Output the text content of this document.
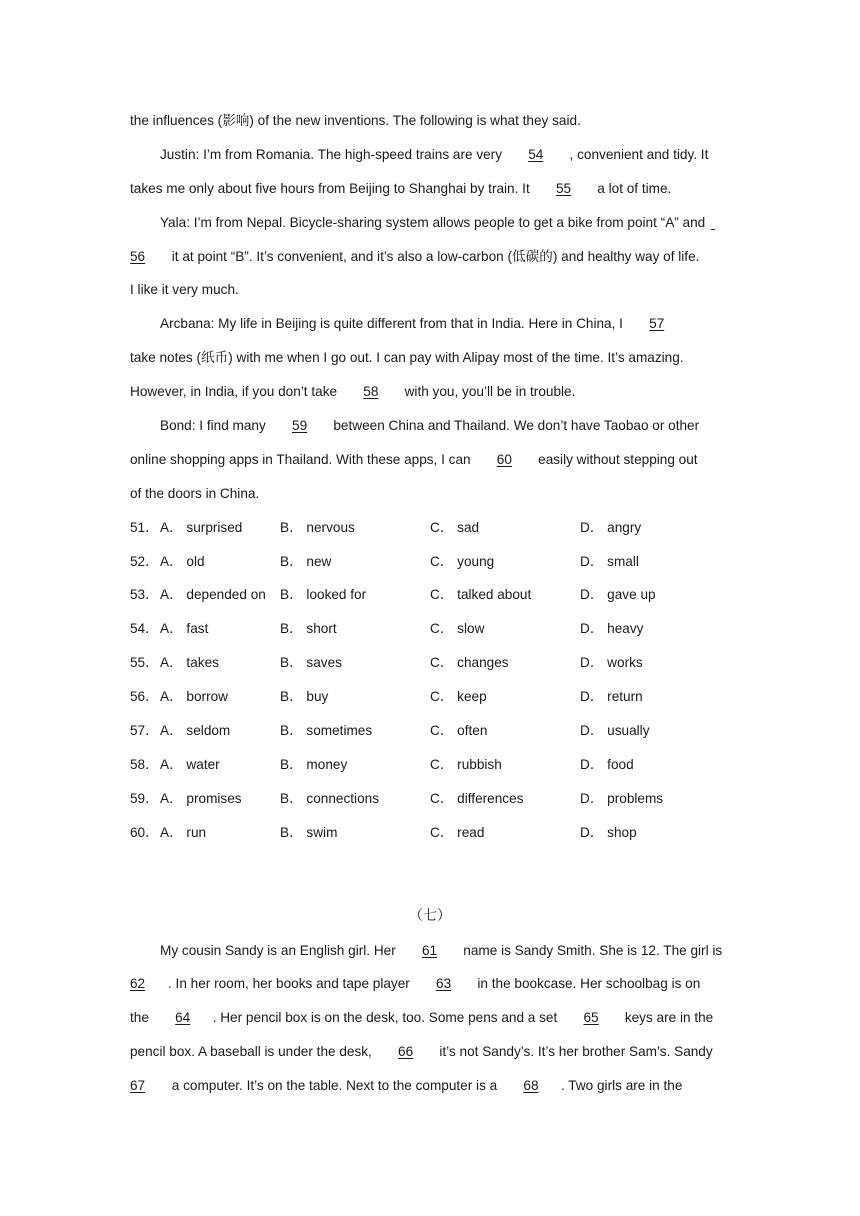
the influences (影响) of the new inventions. The following is what they said.
Justin: I’m from Romania. The high-speed trains are very 54 , convenient and tidy. It
takes me only about five hours from Beijing to Shanghai by train. It 55 a lot of time.
Yala: I’m from Nepal. Bicycle-sharing system allows people to get a bike from point “A” and
56 it at point “B”. It’s convenient, and it’s also a low-carbon (低碳的) and healthy way of life.
I like it very much.
Arcbana: My life in Beijing is quite different from that in India. Here in China, I 57
take notes (纸币) with me when I go out. I can pay with Alipay most of the time. It’s amazing.
However, in India, if you don’t take 58 with you, you’ll be in trouble.
Bond: I find many 59 between China and Thailand. We don’t have Taobao or other
online shopping apps in Thailand. With these apps, I can 60 easily without stepping out
of the doors in China.
51． A． surprised	B． nervous	C． sad	D． angry
52． A． old	B． new	C． young	D． small
53． A． depended on B． looked for	C． talked about	D． gave up
54． A． fast	B． short	C． slow	D． heavy
55． A． takes	B． saves	C． changes	D． works
56． A． borrow	B． buy	C． keep	D． return
57． A． seldom	B． sometimes	C． often	D． usually
58． A． water	B． money	C． rubbish	D． food
59． A． promises	B． connections	C． differences	D． problems
60． A． run	B． swim	C． read	D． shop
（七）
My cousin Sandy is an English girl. Her 61 name is Sandy Smith. She is 12. The girl is
62 . In her room, her books and tape player 63 in the bookcase. Her schoolbag is on
the 64 . Her pencil box is on the desk, too. Some pens and a set 65 keys are in the
pencil box. A baseball is under the desk, 66 it’s not Sandy’s. It’s her brother Sam’s. Sandy
67 a computer. It’s on the table. Next to the computer is a 68 . Two girls are in the
